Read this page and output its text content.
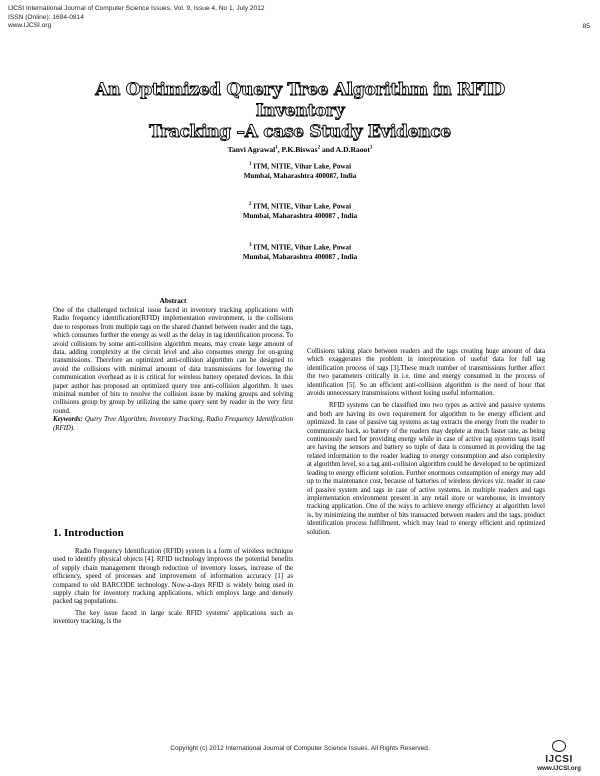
IJCSI International Journal of Computer Science Issues, Vol. 9, Issue 4, No 1, July 2012
ISSN (Online): 1694-0814
www.IJCSI.org	85
An Optimized Query Tree Algorithm in RFID Inventory
Tracking –A case Study Evidence
Tanvi Agrawal$^1$, P.K.Biswas$^2$ and A.D.Raoot$^3$
$^1$ ITM, NITIE, Vihar Lake, Powai
Mumbai, Maharashtra 400087, India
$^2$ ITM, NITIE, Vihar Lake, Powai
Mumbai, Maharashtra 400087 , India
$^3$ ITM, NITIE, Vihar Lake, Powai
Mumbai, Maharashtra 400087 , India
Abstract

One of the challenged technical issue faced in inventory tracking applications with Radio frequency identification(RFID) implementation environment, is the collisions due to responses from multiple tags on the shared channel between reader and the tags, which consumes further the energy as well as the delay in tag identification process. To avoid collisions by some anti-collision algorithm means, may create large amount of data, adding complexity at the circuit level and also consumes energy for on-going transmissions. Therefore an optimized anti-collision algorithm can be designed to avoid the collisions with minimal amount of data transmissions for lowering the communication overhead as it is critical for wireless battery operated devices. In this paper author has proposed an optimized query tree anti-collision algorithm. It uses minimal number of bits to resolve the collision issue by making groups and solving collisions group by group by utilizing the same query sent by reader in the very first round.

Keywords: Query Tree Algorithm, Inventory Tracking, Radio Frequency Identification (RFID).

1. Introduction

Radio Frequency Identification (RFID) system is a form of wireless technique used to identify physical objects [4]. RFID technology improves the potential benefits of supply chain management through reduction of inventory losses, increase of the efficiency, speed of processes and improvement of information accuracy [1] as compared to old BARCODE technology. Now-a-days RFID is widely being used in supply chain for inventory tracking applications, which employs large and densely packed tag populations.

The key issue faced in large scale RFID systems' applications such as inventory tracking, is the

Collisions taking place between readers and the tags creating huge amount of data which exaggerates the problem in interpretation of useful data for full tag identification process of tags [3].These much number of transmissions further affect the two parameters critically in i.e. time and energy consumed in the process of identification [5]. So an efficient anti-collision algorithm is the need of hour that avoids unnecessary transmissions without losing useful information.

RFID systems can be classified into two types as active and passive systems and both are having its own requirement for algorithm to be energy efficient and optimized. In case of passive tag systems as tag extracts the energy from the reader to communicate back, so battery of the readers may deplete at much faster rate, as being continuously used for providing energy while in case of active tag systems tags itself are having the sensors and battery so tuple of data is consumed in providing the tag related information to the reader leading to energy consumption and also complexity at algorithm level, so a tag anti-collision algorithm could be developed to be optimized leading to energy efficient solution. Further enormous consumption of energy may add up to the maintenance cost, because of batteries of wireless devices viz. reader in case of passive system and tags in case of active systems, in multiple readers and tags implementation environment present in any retail store or warehouse, in inventory tracking application. One of the ways to achieve energy efficiency at algorithm level is, by minimizing the number of bits transacted between readers and the tags, product identification process fulfillment, which may lead to energy efficient and optimized solution.

Copyright (c) 2012 International Journal of Computer Science Issues. All Rights Reserved.

IJCSI
www.IJCSI.org
